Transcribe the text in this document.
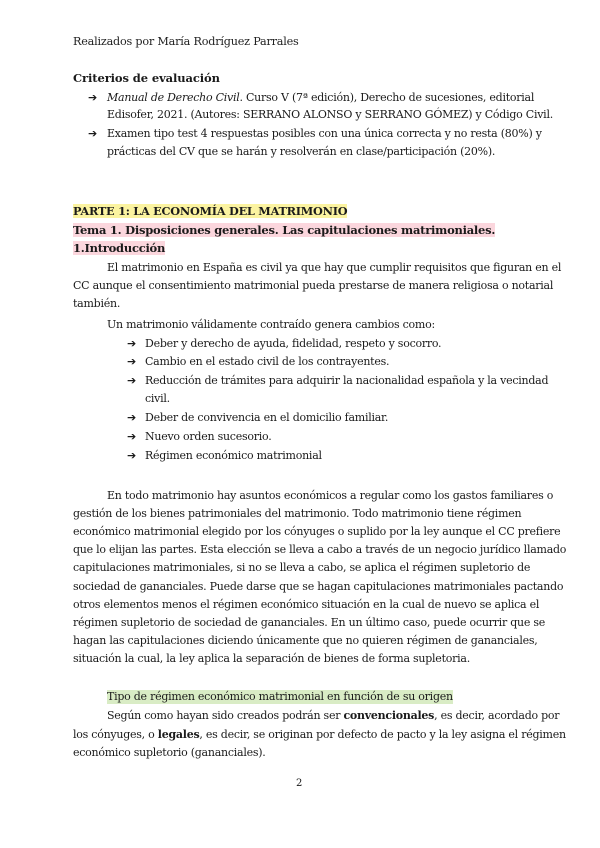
Realizados por María Rodríguez Parrales
Criterios de evaluación
➔ Manual de Derecho Civil. Curso V (7ª edición), Derecho de sucesiones, editorial
Edisofer, 2021. (Autores: SERRANO ALONSO y SERRANO GÓMEZ) y Código Civil.
➔ Examen tipo test 4 respuestas posibles con una única correcta y no resta (80%) y
prácticas del CV que se harán y resolverán en clase/participación (20%).
PARTE 1: LA ECONOMÍA DEL MATRIMONIO
Tema 1. Disposiciones generales. Las capitulaciones matrimoniales.
1.Introducción
El matrimonio en España es civil ya que hay que cumplir requisitos que figuran en el
CC aunque el consentimiento matrimonial pueda prestarse de manera religiosa o notarial
también.
Un matrimonio válidamente contraído genera cambios como:
➔ Deber y derecho de ayuda, fidelidad, respeto y socorro.
➔ Cambio en el estado civil de los contrayentes.
➔ Reducción de trámites para adquirir la nacionalidad española y la vecindad
civil.
➔ Deber de convivencia en el domicilio familiar.
➔ Nuevo orden sucesorio.
➔ Régimen económico matrimonial
En todo matrimonio hay asuntos económicos a regular como los gastos familiares o
gestión de los bienes patrimoniales del matrimonio. Todo matrimonio tiene régimen
económico matrimonial elegido por los cónyuges o suplido por la ley aunque el CC prefiere
que lo elijan las partes. Esta elección se lleva a cabo a través de un negocio jurídico llamado
capitulaciones matrimoniales, si no se lleva a cabo, se aplica el régimen supletorio de
sociedad de gananciales. Puede darse que se hagan capitulaciones matrimoniales pactando
otros elementos menos el régimen económico situación en la cual de nuevo se aplica el
régimen supletorio de sociedad de gananciales. En un último caso, puede ocurrir que se
hagan las capitulaciones diciendo únicamente que no quieren régimen de gananciales,
situación la cual, la ley aplica la separación de bienes de forma supletoria.
Tipo de régimen económico matrimonial en función de su origen
Según como hayan sido creados podrán ser convencionales, es decir, acordado por
los cónyuges, o legales, es decir, se originan por defecto de pacto y la ley asigna el régimen
económico supletorio (gananciales).
2
